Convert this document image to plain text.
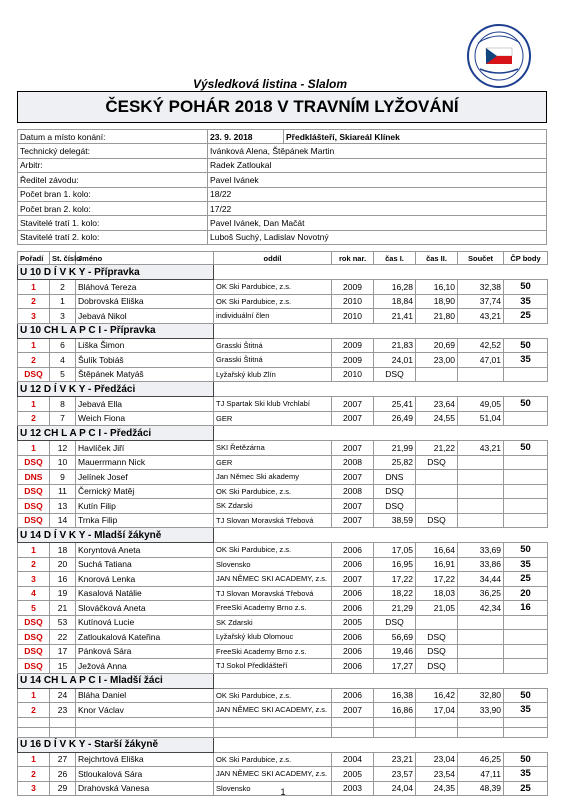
Výsledková listina - Slalom
ČESKÝ POHÁR 2018 V TRAVNÍM LYŽOVÁNÍ
Datum a místo konání:	23. 9. 2018	Předklášteří, Skiareál Klínek
Technický delegát:	Ivánková Alena, Štěpánek Martin	
Arbitr:	Radek Zatloukal	
Ředitel závodu:	Pavel Ivánek	
Počet bran 1. kolo:	18/22	
Počet bran 2. kolo:	17/22	
Stavitelé tratí 1. kolo:	Pavel Ivánek, Dan Mačát	
Stavitelé tratí 2. kolo:	Luboš Suchý, Ladislav Novotný	
Pořadí	St. číslo	Jméno	oddíl	rok nar.	čas I.	čas II.	Součet	ČP body
U 10 D Í V K Y - Přípravka								
1	2	Bláhová Tereza	OK Ski Pardubice, z.s.	2009	16,28	16,10	32,38	50
2	1	Dobrovská Eliška	OK Ski Pardubice, z.s.	2010	18,84	18,90	37,74	35
3	3	Jebavá Nikol	individuální člen	2010	21,41	21,80	43,21	25
U 10 CH L A P C I - Přípravka								
1	6	Liška Šimon	Grasski Štitná	2009	21,83	20,69	42,52	50
2	4	Šulík Tobiáš	Grasski Štitná	2009	24,01	23,00	47,01	35
DSQ	5	Štěpánek Matyáš	Lyžařský klub Zlín	2010	DSQ			
U 12 D Í V K Y - Předžáci								
1	8	Jebavá Ella	TJ Spartak Ski klub Vrchlabí	2007	25,41	23,64	49,05	50
2	7	Weich Fiona	GER	2007	26,49	24,55	51,04	
U 12 CH L A P C I - Předžáci								
1	12	Havlíček Jiří	SKI Řetězárna	2007	21,99	21,22	43,21	50
DSQ	10	Mauerrmann Nick	GER	2008	25,82	DSQ		
DNS	9	Jelínek Josef	Jan Němec Ski akademy	2007	DNS			
DSQ	11	Černický Matěj	OK Ski Pardubice, z.s.	2008	DSQ			
DSQ	13	Kutín Filip	SK Zdarski	2007	DSQ			
DSQ	14	Trnka Filip	TJ Slovan Moravská Třebová	2007	38,59	DSQ		
U 14 D Í V K Y - Mladší žákyně								
1	18	Koryntová Aneta	OK Ski Pardubice, z.s.	2006	17,05	16,64	33,69	50
2	20	Suchá Tatiana	Slovensko	2006	16,95	16,91	33,86	35
3	16	Knorová Lenka	JAN NĚMEC SKI ACADEMY, z.s.	2007	17,22	17,22	34,44	25
4	19	Kasalová Natálie	TJ Slovan Moravská Třebová	2006	18,22	18,03	36,25	20
5	21	Slováčková Aneta	FreeSki Academy Brno z.s.	2006	21,29	21,05	42,34	16
DSQ	53	Kutínová Lucie	SK Zdarski	2005	DSQ			
DSQ	22	Zatloukalová Kateřina	Lyžařský klub Olomouc	2006	56,69	DSQ		
DSQ	17	Pánková Sára	FreeSki Academy Brno z.s.	2006	19,46	DSQ		
DSQ	15	Ježová Anna	TJ Sokol Předklášteří	2006	17,27	DSQ		
U 14 CH L A P C I - Mladší žáci								
1	24	Bláha Daniel	OK Ski Pardubice, z.s.	2006	16,38	16,42	32,80	50
2	23	Knor Václav	JAN NĚMEC SKI ACADEMY, z.s.	2007	16,86	17,04	33,90	35

U 16 D Í V K Y - Starší žákyně								
1	27	Rejchrtová Eliška	OK Ski Pardubice, z.s.	2004	23,21	23,04	46,25	50
2	26	Stloukalová Sára	JAN NĚMEC SKI ACADEMY, z.s.	2005	23,57	23,54	47,11	35
3	29	Drahovská Vanesa	Slovensko	2003	24,04	24,35	48,39	25
1
